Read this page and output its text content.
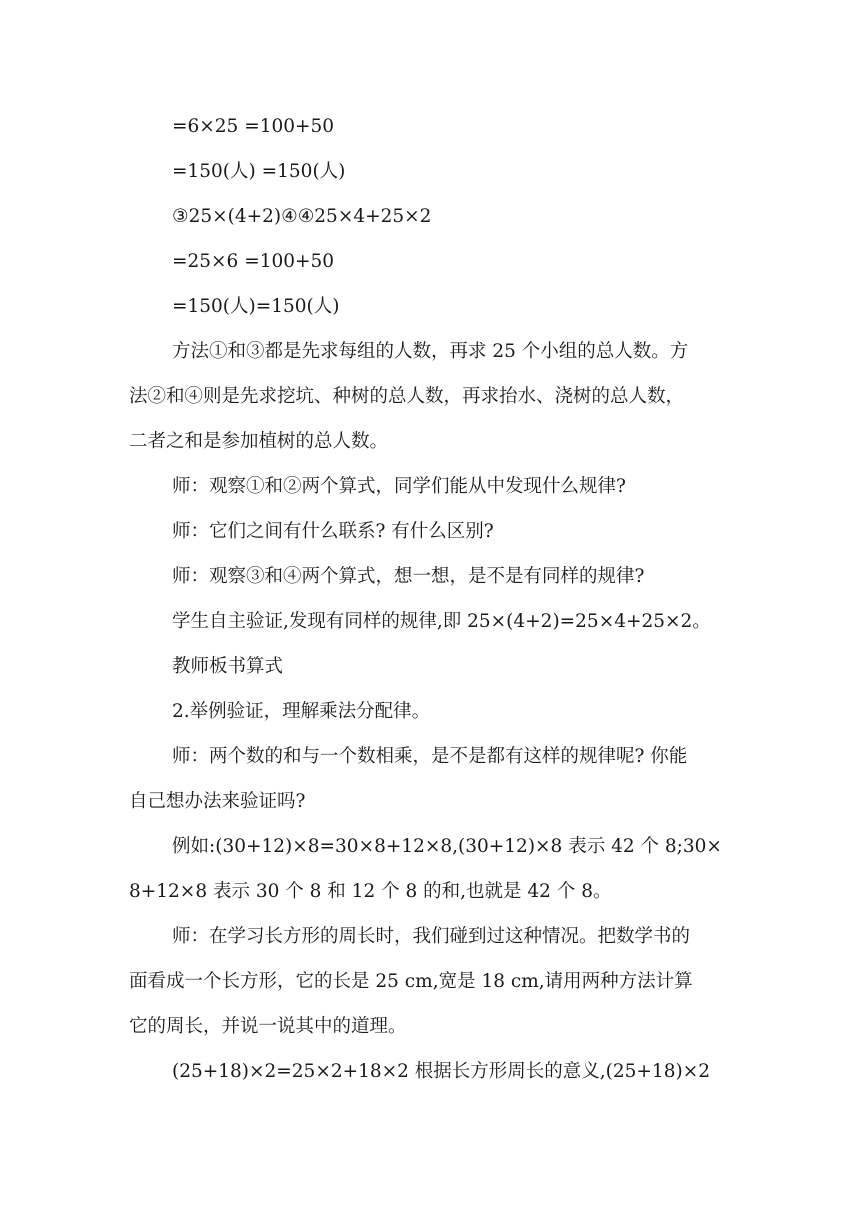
=6×25 =100+50
=150(人) =150(人)
③25×(4+2)④④25×4+25×2
=25×6 =100+50
=150(人)=150(人)
方法①和③都是先求每组的人数，再求 25 个小组的总人数。方
法②和④则是先求挖坑、种树的总人数，再求抬水、浇树的总人数，
二者之和是参加植树的总人数。
师：观察①和②两个算式，同学们能从中发现什么规律?
师：它们之间有什么联系? 有什么区别?
师：观察③和④两个算式，想一想，是不是有同样的规律?
学生自主验证,发现有同样的规律,即 25×(4+2)=25×4+25×2。
教师板书算式
2.举例验证，理解乘法分配律。
师：两个数的和与一个数相乘，是不是都有这样的规律呢? 你能
自己想办法来验证吗?
例如:(30+12)×8=30×8+12×8,(30+12)×8 表示 42 个 8;30×
8+12×8 表示 30 个 8 和 12 个 8 的和,也就是 42 个 8。
师：在学习长方形的周长时，我们碰到过这种情况。把数学书的
面看成一个长方形，它的长是 25 cm,宽是 18 cm,请用两种方法计算
它的周长，并说一说其中的道理。
(25+18)×2=25×2+18×2 根据长方形周长的意义,(25+18)×2
